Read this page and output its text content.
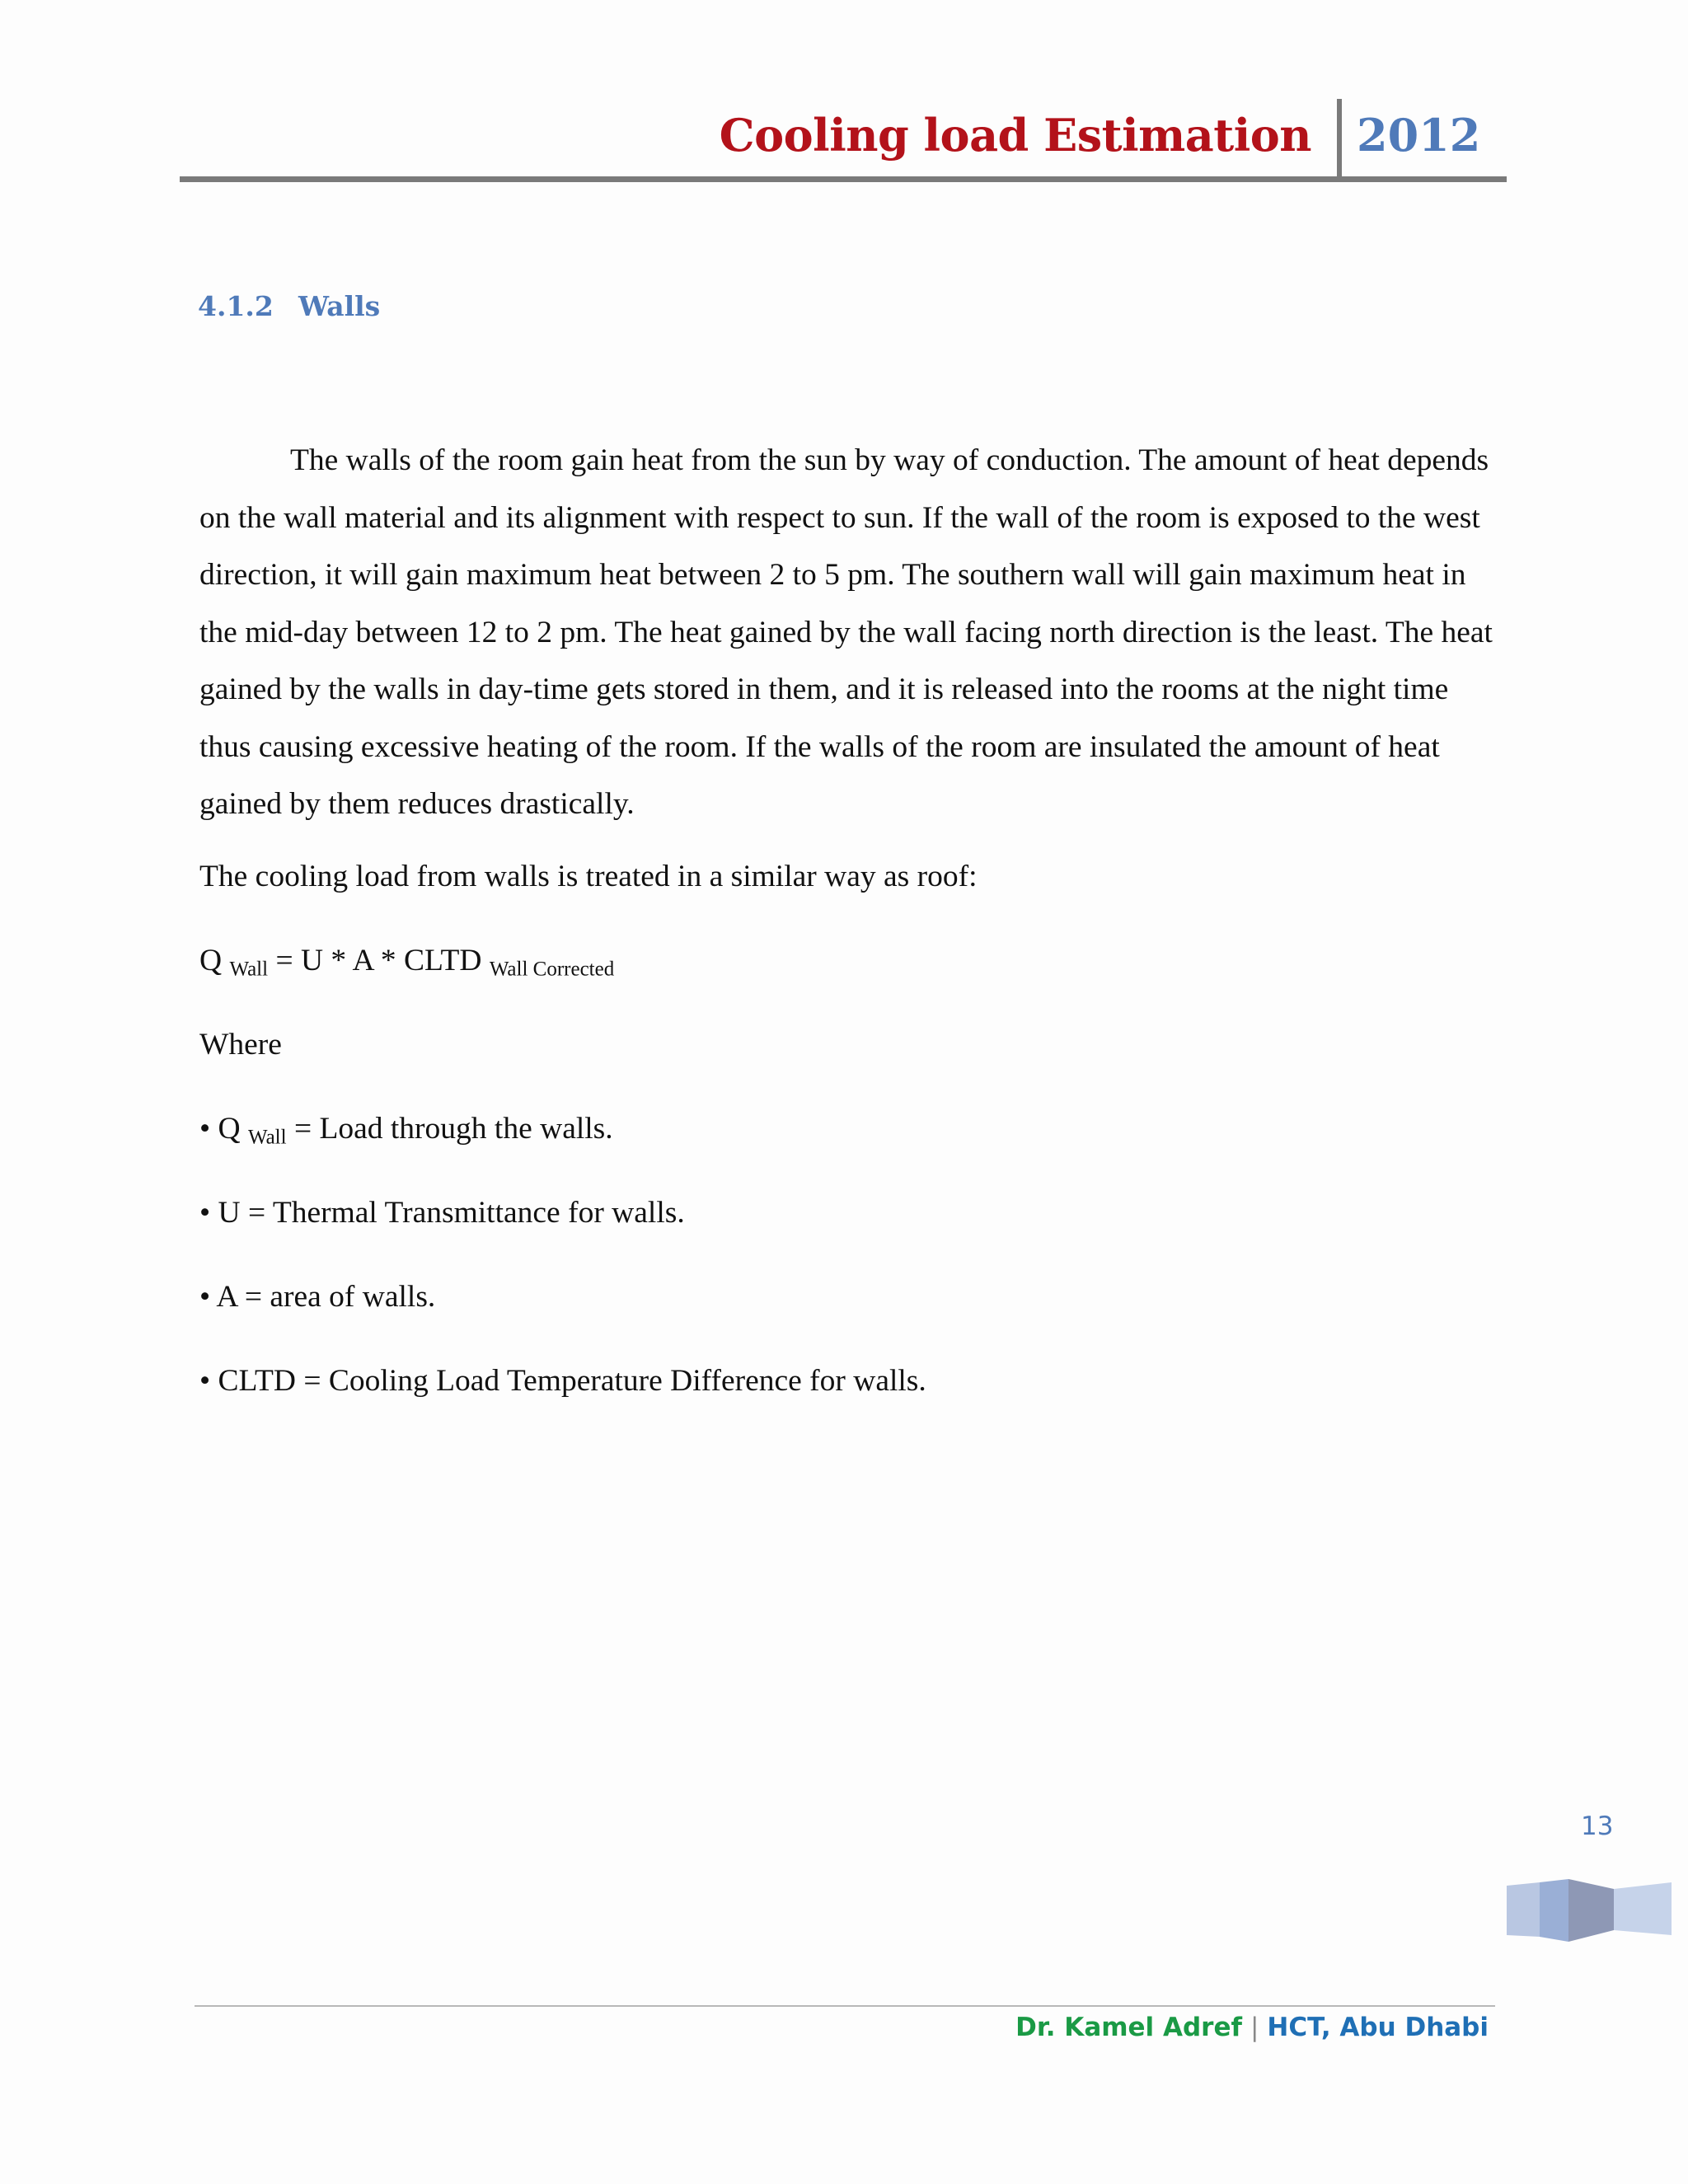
Cooling load Estimation 2012
4.1.2 Walls

The walls of the room gain heat from the sun by way of conduction. The amount of heat depends on the wall material and its alignment with respect to sun. If the wall of the room is exposed to the west direction, it will gain maximum heat between 2 to 5 pm. The southern wall will gain maximum heat in the mid-day between 12 to 2 pm. The heat gained by the wall facing north direction is the least. The heat gained by the walls in day-time gets stored in them, and it is released into the rooms at the night time thus causing excessive heating of the room. If the walls of the room are insulated the amount of heat gained by them reduces drastically.

The cooling load from walls is treated in a similar way as roof:
Q $_{Wall}$ = U * A * CLTD $_{Wall Corrected}$
Where
• Q $_{Wall}$ = Load through the walls.
• U = Thermal Transmittance for walls.
• A = area of walls.
• CLTD = Cooling Load Temperature Difference for walls.
13
Dr. Kamel Adref | HCT, Abu Dhabi
